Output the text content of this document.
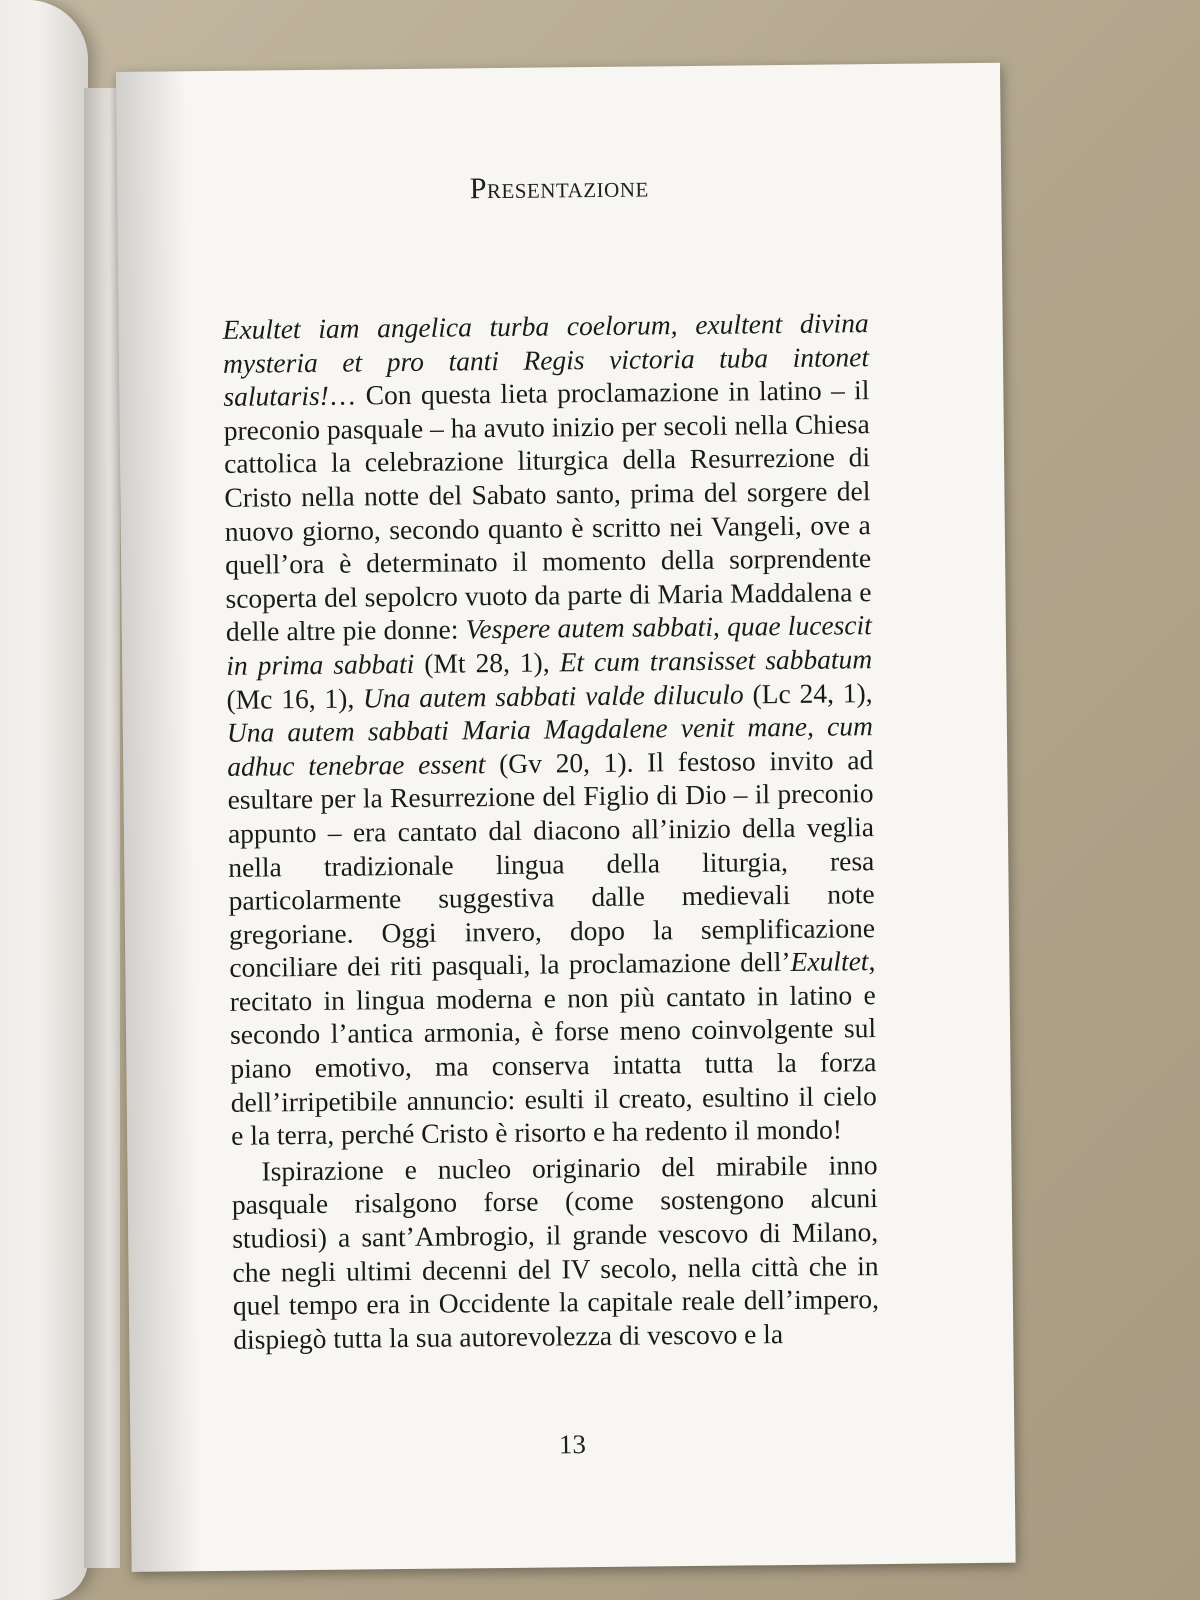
Presentazione

Exultet iam angelica turba coelorum, exultent divina mysteria et pro tanti Regis victoria tuba intonet salutaris!… Con questa lieta proclamazione in latino – il preconio pasquale – ha avuto inizio per secoli nella Chiesa cattolica la celebrazione liturgica della Resurrezione di Cristo nella notte del Sabato santo, prima del sorgere del nuovo giorno, secondo quanto è scritto nei Vangeli, ove a quell’ora è determinato il momento della sorprendente scoperta del sepolcro vuoto da parte di Maria Maddalena e delle altre pie donne: Vespere autem sabbati, quae lucescit in prima sabbati (Mt 28, 1), Et cum transisset sabbatum (Mc 16, 1), Una autem sabbati valde diluculo (Lc 24, 1), Una autem sabbati Maria Magdalene venit mane, cum adhuc tenebrae essent (Gv 20, 1). Il festoso invito ad esultare per la Resurrezione del Figlio di Dio – il preconio appunto – era cantato dal diacono all’inizio della veglia nella tradizionale lingua della liturgia, resa particolarmente suggestiva dalle medievali note gregoriane. Oggi invero, dopo la semplificazione conciliare dei riti pasquali, la proclamazione dell’Exultet, recitato in lingua moderna e non più cantato in latino e secondo l’antica armonia, è forse meno coinvolgente sul piano emotivo, ma conserva intatta tutta la forza dell’irripetibile annuncio: esulti il creato, esultino il cielo e la terra, perché Cristo è risorto e ha redento il mondo!

Ispirazione e nucleo originario del mirabile inno pasquale risalgono forse (come sostengono alcuni studiosi) a sant’Ambrogio, il grande vescovo di Milano, che negli ultimi decenni del IV secolo, nella città che in quel tempo era in Occidente la capitale reale dell’impero, dispiegò tutta la sua autorevolezza di vescovo e la

13
